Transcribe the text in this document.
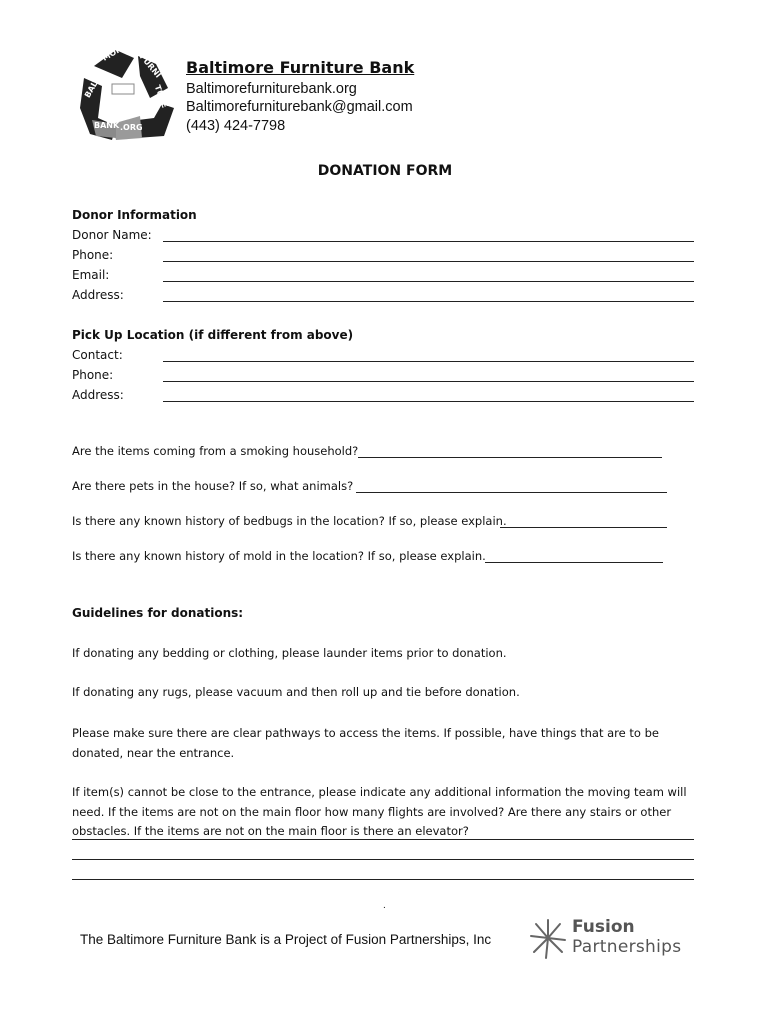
BALTI
MORE
FURNI
TURE
BANK .ORG
Baltimore Furniture Bank
Baltimorefurniturebank.org
Baltimorefurniturebank@gmail.com
(443) 424-7798
DONATION FORM
Donor Information
Donor Name:
Phone:
Email:
Address:
Pick Up Location (if different from above)
Contact:
Phone:
Address:
Are the items coming from a smoking household?
Are there pets in the house? If so, what animals?
Is there any known history of bedbugs in the location? If so, please explain.
Is there any known history of mold in the location? If so, please explain.
Guidelines for donations:
If donating any bedding or clothing, please launder items prior to donation.
If donating any rugs, please vacuum and then roll up and tie before donation.
Please make sure there are clear pathways to access the items. If possible, have things that are to be donated, near the entrance.
If item(s) cannot be close to the entrance, please indicate any additional information the moving team will need. If the items are not on the main floor how many flights are involved? Are there any stairs or other obstacles. If the items are not on the main floor is there an elevator?
.
The Baltimore Furniture Bank is a Project of Fusion Partnerships, Inc
Fusion
Partnerships
